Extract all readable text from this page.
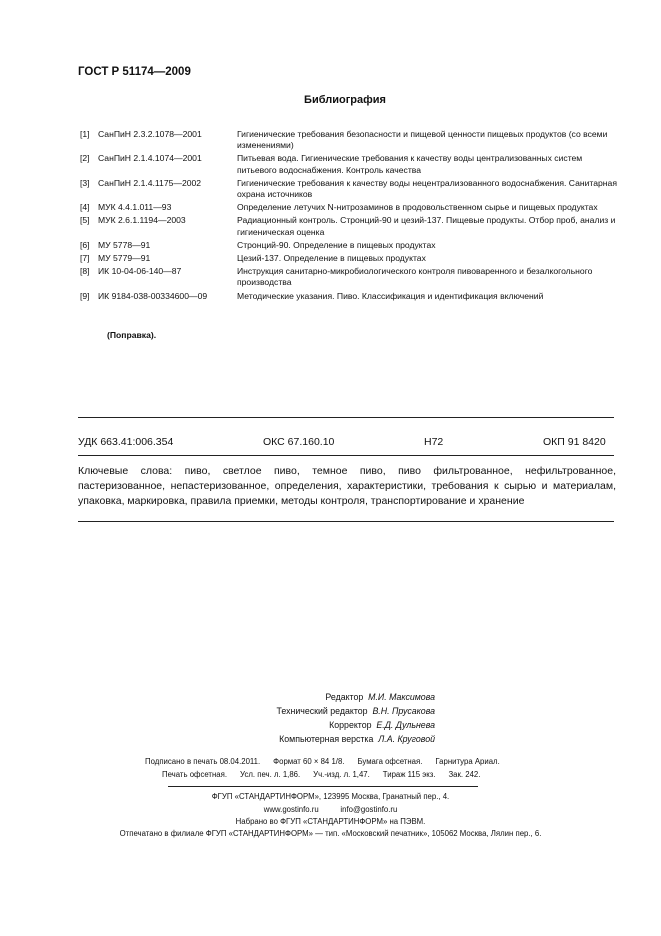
ГОСТ Р 51174—2009
Библиография
[1] СанПиН 2.3.2.1078—2001	Гигиенические требования безопасности и пищевой ценности пищевых продуктов (со всеми изменениями)
[2] СанПиН 2.1.4.1074—2001	Питьевая вода. Гигиенические требования к качеству воды централизованных систем питьевого водоснабжения. Контроль качества
[3] СанПиН 2.1.4.1175—2002	Гигиенические требования к качеству воды нецентрализованного водоснабжения. Санитарная охрана источников
[4] МУК 4.4.1.011—93	Определение летучих N-нитрозаминов в продовольственном сырье и пищевых продуктах
[5] МУК 2.6.1.1194—2003	Радиационный контроль. Стронций-90 и цезий-137. Пищевые продукты. Отбор проб, анализ и гигиеническая оценка
[6] МУ 5778—91	Стронций-90. Определение в пищевых продуктах
[7] МУ 5779—91	Цезий-137. Определение в пищевых продуктах
[8] ИК 10-04-06-140—87	Инструкция санитарно-микробиологического контроля пивоваренного и безалкогольного производства
[9] ИК 9184-038-00334600—09	Методические указания. Пиво. Классификация и идентификация включений
(Поправка).
УДК 663.41:006.354	ОКС 67.160.10	Н72	ОКП 91 8420
Ключевые слова: пиво, светлое пиво, темное пиво, пиво фильтрованное, нефильтрованное, пастеризованное, непастеризованное, определения, характеристики, требования к сырью и материалам, упаковка, маркировка, правила приемки, методы контроля, транспортирование и хранение
Редактор М.И. Максимова
Технический редактор В.Н. Прусакова
Корректор Е.Д. Дульнева
Компьютерная верстка Л.А. Круговой
Подписано в печать 08.04.2011.      Формат 60 × 84 1/8.      Бумага офсетная.      Гарнитура Ариал.
Печать офсетная.      Усл. печ. л. 1,86.      Уч.-изд. л. 1,47.      Тираж 115 экз.      Зак. 242.
ФГУП «СТАНДАРТИНФОРМ», 123995 Москва, Гранатный пер., 4.
www.gostinfo.ru          info@gostinfo.ru
Набрано во ФГУП «СТАНДАРТИНФОРМ» на ПЭВМ.
Отпечатано в филиале ФГУП «СТАНДАРТИНФОРМ» — тип. «Московский печатник», 105062 Москва, Лялин пер., 6.
